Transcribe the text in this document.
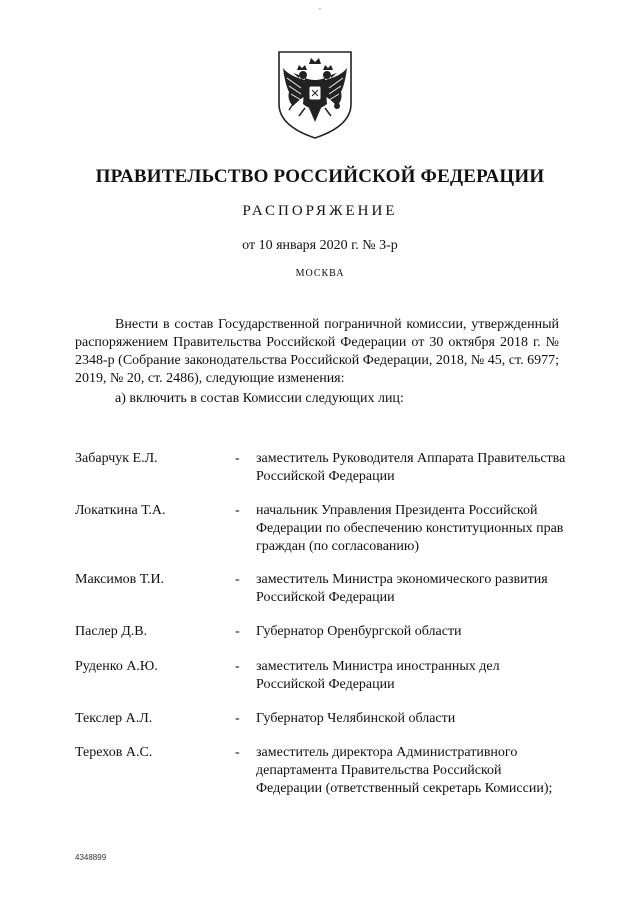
,
ПРАВИТЕЛЬСТВО РОССИЙСКОЙ ФЕДЕРАЦИИ
РАСПОРЯЖЕНИЕ
от 10 января 2020 г. № 3-р
МОСКВА

Внести в состав Государственной пограничной комиссии, утвержденный распоряжением Правительства Российской Федерации от 30 октября 2018 г. № 2348-р (Собрание законодательства Российской Федерации, 2018, № 45, ст. 6977; 2019, № 20, ст. 2486), следующие изменения:

а) включить в состав Комиссии следующих лиц:

Забарчук Е.Л.	- заместитель Руководителя Аппарата Правительства Российской Федерации
Локаткина Т.А.	- начальник Управления Президента Российской Федерации по обеспечению конституционных прав граждан (по согласованию)
Максимов Т.И.	- заместитель Министра экономического развития Российской Федерации
Паслер Д.В.	- Губернатор Оренбургской области
Руденко А.Ю.	- заместитель Министра иностранных дел Российской Федерации
Текслер А.Л.	- Губернатор Челябинской области
Терехов А.С.	- заместитель директора Административного департамента Правительства Российской Федерации (ответственный секретарь Комиссии);
4348899
